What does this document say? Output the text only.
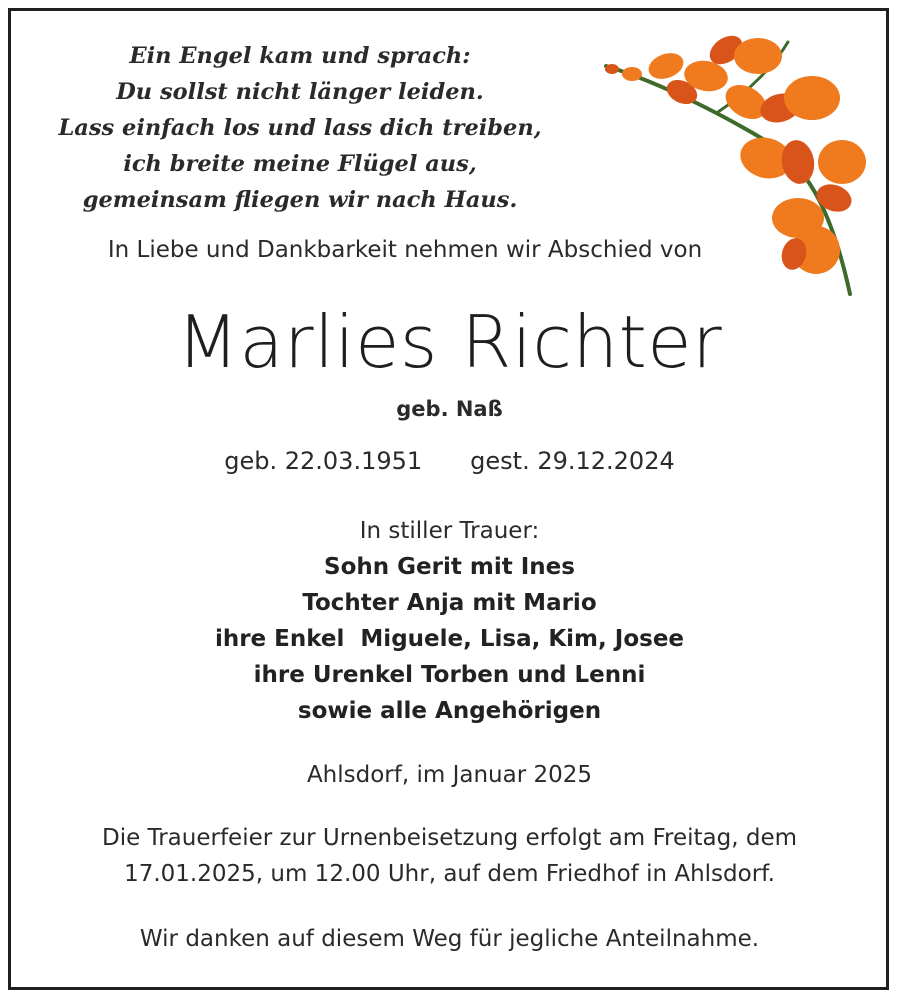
Ein Engel kam und sprach:
Du sollst nicht länger leiden.
Lass einfach los und lass dich treiben,
ich breite meine Flügel aus,
gemeinsam fliegen wir nach Haus.
In Liebe und Dankbarkeit nehmen wir Abschied von
Marlies Richter
geb. Naß
geb. 22.03.1951 gest. 29.12.2024
In stiller Trauer:
Sohn Gerit mit Ines
Tochter Anja mit Mario
ihre Enkel  Miguele, Lisa, Kim, Josee
ihre Urenkel Torben und Lenni
sowie alle Angehörigen
Ahlsdorf, im Januar 2025
Die Trauerfeier zur Urnenbeisetzung erfolgt am Freitag, dem
17.01.2025, um 12.00 Uhr, auf dem Friedhof in Ahlsdorf.
Wir danken auf diesem Weg für jegliche Anteilnahme.
